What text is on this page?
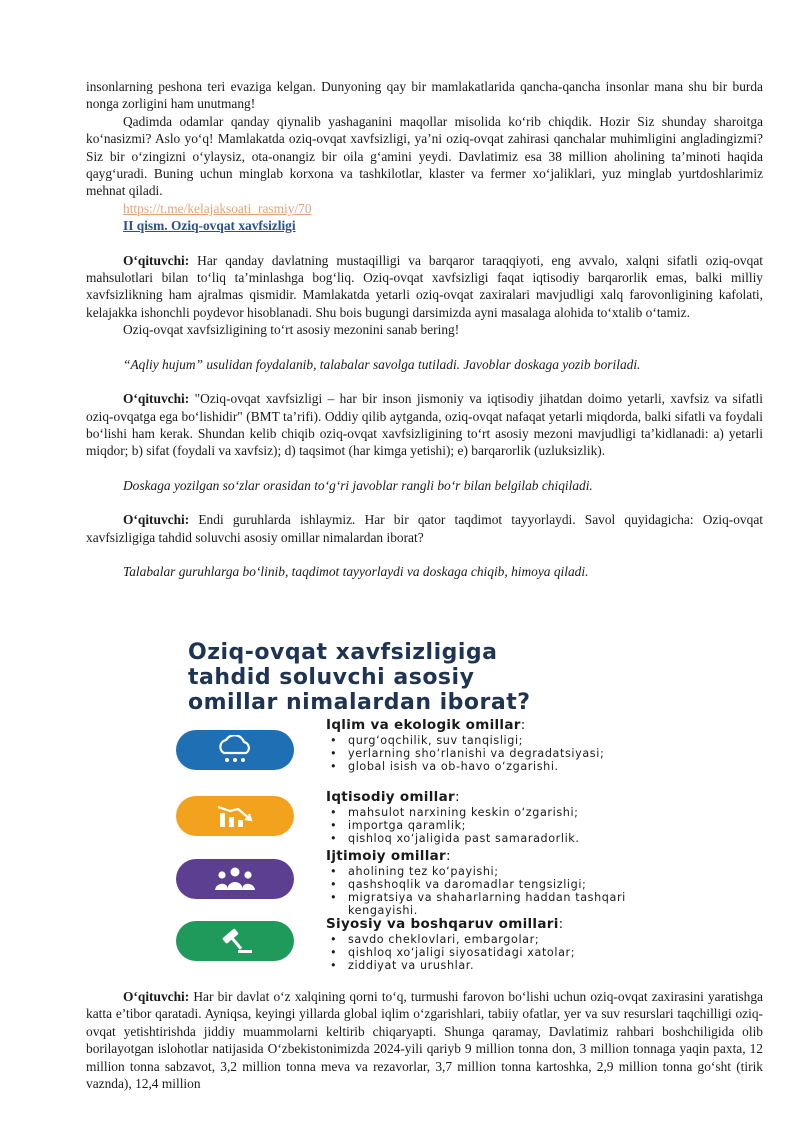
insonlarning peshona teri evaziga kelgan. Dunyoning qay bir mamlakatlarida qancha-qancha insonlar mana shu bir burda nonga zorligini ham unutmang!

Qadimda odamlar qanday qiynalib yashaganini maqollar misolida ko‘rib chiqdik. Hozir Siz shunday sharoitga ko‘nasizmi? Aslo yo‘q! Mamlakatda oziq-ovqat xavfsizligi, ya’ni oziq-ovqat zahirasi qanchalar muhimligini angladingizmi? Siz bir o‘zingizni o‘ylaysiz, ota-onangiz bir oila g‘amini yeydi. Davlatimiz esa 38 million aholining ta’minoti haqida qayg‘uradi. Buning uchun minglab korxona va tashkilotlar, klaster va fermer xo‘jaliklari, yuz minglab yurtdoshlarimiz mehnat qiladi.

https://t.me/kelajaksoati_rasmiy/70
II qism. Oziq-ovqat xavfsizligi

O‘qituvchi: Har qanday davlatning mustaqilligi va barqaror taraqqiyoti, eng avvalo, xalqni sifatli oziq-ovqat mahsulotlari bilan to‘liq ta’minlashga bog‘liq. Oziq-ovqat xavfsizligi faqat iqtisodiy barqarorlik emas, balki milliy xavfsizlikning ham ajralmas qismidir. Mamlakatda yetarli oziq-ovqat zaxiralari mavjudligi xalq farovonligining kafolati, kelajakka ishonchli poydevor hisoblanadi. Shu bois bugungi darsimizda ayni masalaga alohida to‘xtalib o‘tamiz.

Oziq-ovqat xavfsizligining to‘rt asosiy mezonini sanab bering!

“Aqliy hujum” usulidan foydalanib, talabalar savolga tutiladi. Javoblar doskaga yozib boriladi.

O‘qituvchi: "Oziq-ovqat xavfsizligi – har bir inson jismoniy va iqtisodiy jihatdan doimo yetarli, xavfsiz va sifatli oziq-ovqatga ega bo‘lishidir" (BMT ta’rifi). Oddiy qilib aytganda, oziq-ovqat nafaqat yetarli miqdorda, balki sifatli va foydali bo‘lishi ham kerak. Shundan kelib chiqib oziq-ovqat xavfsizligining to‘rt asosiy mezoni mavjudligi ta’kidlanadi: a) yetarli miqdor; b) sifat (foydali va xavfsiz); d) taqsimot (har kimga yetishi); e) barqarorlik (uzluksizlik).

Doskaga yozilgan so‘zlar orasidan to‘g‘ri javoblar rangli bo‘r bilan belgilab chiqiladi.

O‘qituvchi: Endi guruhlarda ishlaymiz. Har bir qator taqdimot tayyorlaydi. Savol quyidagicha: Oziq-ovqat xavfsizligiga tahdid soluvchi asosiy omillar nimalardan iborat?

Talabalar guruhlarga bo‘linib, taqdimot tayyorlaydi va doskaga chiqib, himoya qiladi.

Oziq-ovqat xavfsizligiga
tahdid soluvchi asosiy
omillar nimalardan iborat?
Iqlim va ekologik omillar:
• qurg‘oqchilik, suv tanqisligi;
• yerlarning sho‘rlanishi va degradatsiyasi;
• global isish va ob-havo o‘zgarishi.
Iqtisodiy omillar:
• mahsulot narxining keskin o‘zgarishi;
• importga qaramlik;
• qishloq xo‘jaligida past samaradorlik.
Ijtimoiy omillar:
• aholining tez ko‘payishi;
• qashshoqlik va daromadlar tengsizligi;
• migratsiya va shaharlarning haddan tashqari kengayishi.
Siyosiy va boshqaruv omillari:
• savdo cheklovlari, embargolar;
• qishloq xo‘jaligi siyosatidagi xatolar;
• ziddiyat va urushlar.

O‘qituvchi: Har bir davlat o‘z xalqining qorni to‘q, turmushi farovon bo‘lishi uchun oziq-ovqat zaxirasini yaratishga katta e’tibor qaratadi. Ayniqsa, keyingi yillarda global iqlim o‘zgarishlari, tabiiy ofatlar, yer va suv resurslari taqchilligi oziq-ovqat yetishtirishda jiddiy muammolarni keltirib chiqaryapti. Shunga qaramay, Davlatimiz rahbari boshchiligida olib borilayotgan islohotlar natijasida O‘zbekistonimizda 2024-yili qariyb 9 million tonna don, 3 million tonnaga yaqin paxta, 12 million tonna sabzavot, 3,2 million tonna meva va rezavorlar, 3,7 million tonna kartoshka, 2,9 million tonna go‘sht (tirik vaznda), 12,4 million
